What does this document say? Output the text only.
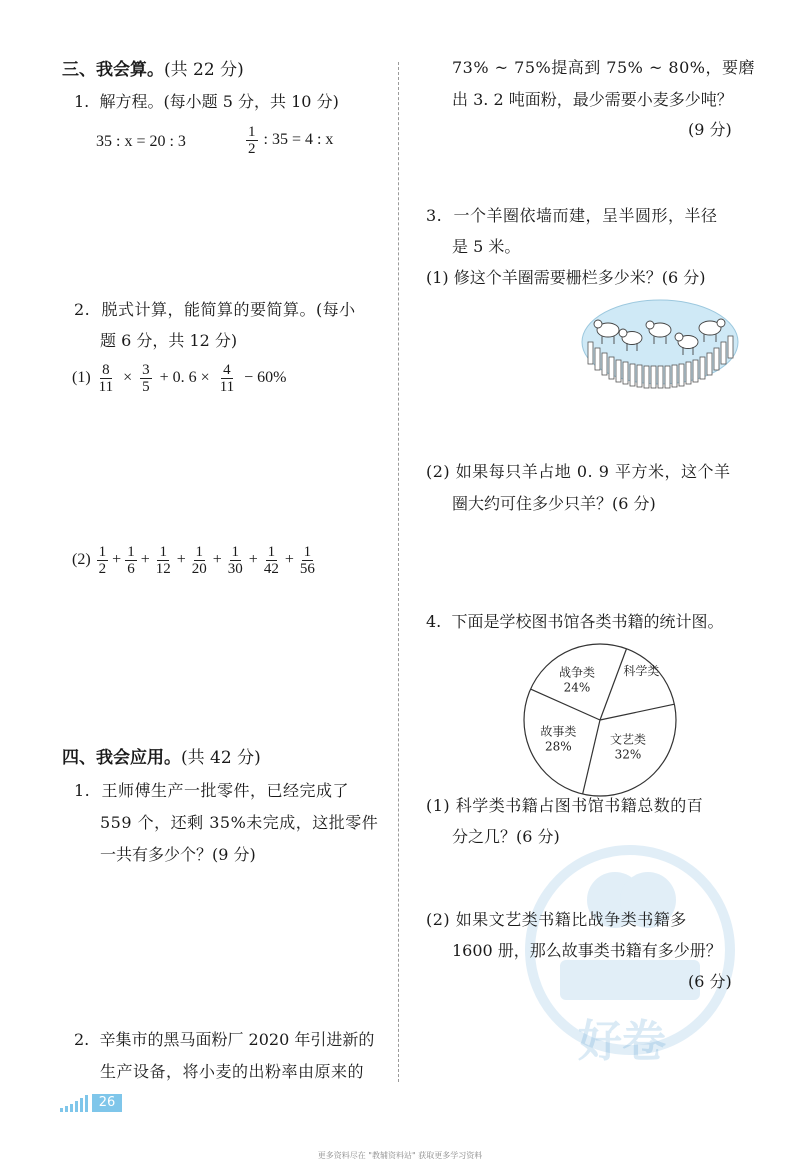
三、我会算。(共 22 分)
1. 解方程。(每小题 5 分，共 10 分)
35 : x = 20 : 3	$\frac{1}{2}$ : 35 = 4 : x
2. 脱式计算，能简算的要简算。(每小
题 6 分，共 12 分)
$(1) \frac{8}{11} \times \frac{3}{5} + 0$. $6 \times \frac{4}{11} - 60\%$
$(2) \frac{1}{2} + \frac{1}{6} + \frac{1}{12} + \frac{1}{20} + \frac{1}{30} + \frac{1}{42} + \frac{1}{56}$
四、我会应用。(共 42 分)
1. 王师傅生产一批零件，已经完成了
559 个，还剩 35%未完成，这批零件
一共有多少个？(9 分)
2. 辛集市的黑马面粉厂 2020 年引进新的
生产设备，将小麦的出粉率由原来的
73% ~ 75%提高到 75% ~ 80%，要磨
出 3. 2 吨面粉，最少需要小麦多少吨？
(9 分)
3. 一个羊圈依墙而建，呈半圆形，半径
是 5 米。
(1) 修这个羊圈需要栅栏多少米？(6 分)
(2) 如果每只羊占地 0. 9 平方米，这个羊
圈大约可住多少只羊？(6 分)
4. 下面是学校图书馆各类书籍的统计图。
战争类
24%
科学类
文艺类
32%
故事类
28%
(1) 科学类书籍占图书馆书籍总数的百
分之几？(6 分)
好卷
(2) 如果文艺类书籍比战争类书籍多
1600 册，那么故事类书籍有多少册？
(6 分)
26
更多资料尽在 "教辅资料站" 获取更多学习资料
